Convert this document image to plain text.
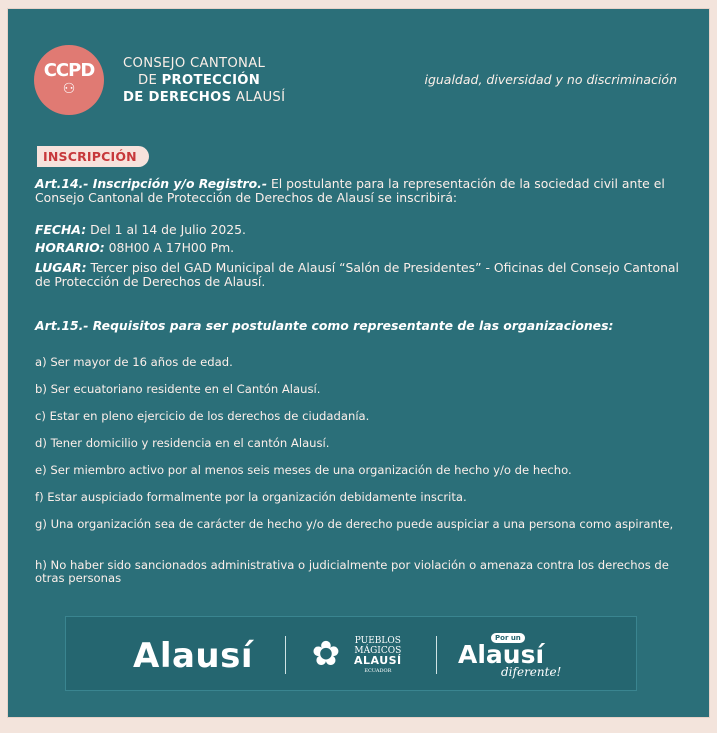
CCPD
⚇
CONSEJO CANTONAL
DE PROTECCIÓN
DE DERECHOS ALAUSÍ
igualdad, diversidad y no discriminación
INSCRIPCIÓN
Art.14.- Inscripción y/o Registro.- El postulante para la representación de la sociedad civil ante el Consejo Cantonal de Protección de Derechos de Alausí se inscribirá:
FECHA: Del 1 al 14 de Julio 2025.
HORARIO: 08H00 A 17H00 Pm.
LUGAR: Tercer piso del GAD Municipal de Alausí “Salón de Presidentes” - Oficinas del Consejo Cantonal de Protección de Derechos de Alausí.
Art.15.- Requisitos para ser postulante como representante de las organizaciones:
a) Ser mayor de 16 años de edad.
b) Ser ecuatoriano residente en el Cantón Alausí.
c) Estar en pleno ejercicio de los derechos de ciudadanía.
d) Tener domicilio y residencia en el cantón Alausí.
e) Ser miembro activo por al menos seis meses de una organización de hecho y/o de hecho.
f) Estar auspiciado formalmente por la organización debidamente inscrita.
g) Una organización sea de carácter de hecho y/o de derecho puede auspiciar a una persona como aspirante,
h) No haber sido sancionados administrativa o judicialmente por violación o amenaza contra los derechos de otras personas
Alausí ✿	PUEBLOS
MÁGICOS
ALAUSÍ
ECUADOR
Por un
Alausí
diferente!
